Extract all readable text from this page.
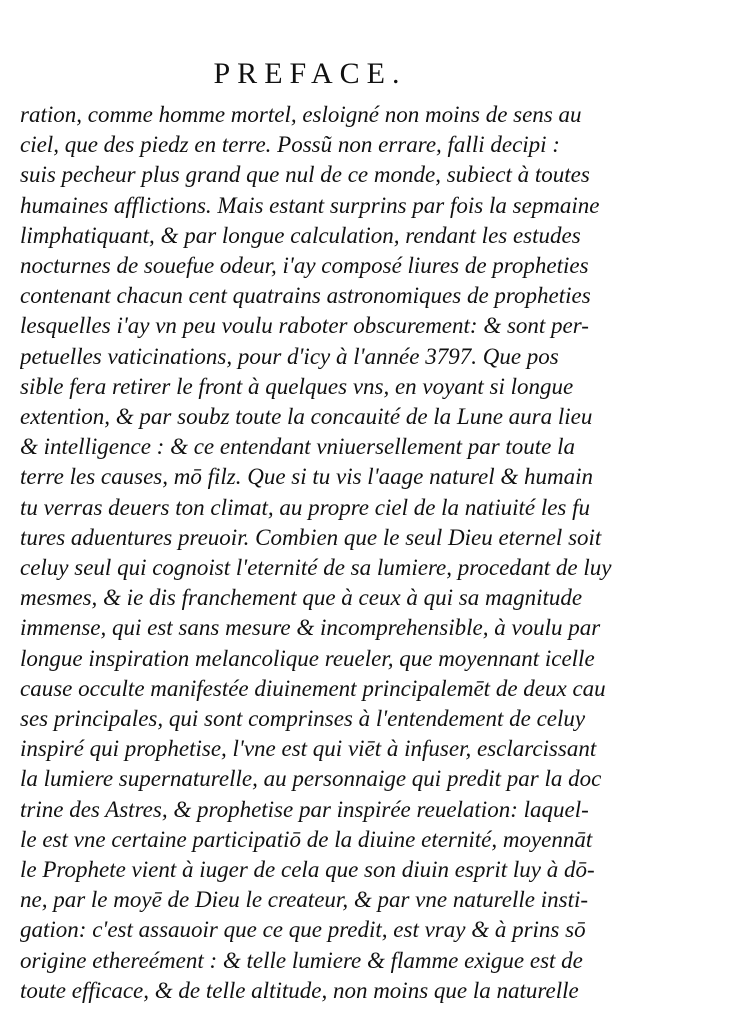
PREFACE.
ration, comme homme mortel, esloigné non moins de sens au
ciel, que des piedz en terre. Possũ non errare, falli decipi :
suis pecheur plus grand que nul de ce monde, subiect à toutes
humaines afflictions. Mais estant surprins par fois la sepmaine
limphatiquant, & par longue calculation, rendant les estudes
nocturnes de souefue odeur, i'ay composé liures de propheties
contenant chacun cent quatrains astronomiques de propheties
lesquelles i'ay vn peu voulu raboter obscurement: & sont per-
petuelles vaticinations, pour d'icy à l'année 3797. Que pos
sible fera retirer le front à quelques vns, en voyant si longue
extention, & par soubz toute la concauité de la Lune aura lieu
& intelligence : & ce entendant vniuersellement par toute la
terre les causes, mō filz. Que si tu vis l'aage naturel & humain
tu verras deuers ton climat, au propre ciel de la natiuité les fu
tures aduentures preuoir. Combien que le seul Dieu eternel soit
celuy seul qui cognoist l'eternité de sa lumiere, procedant de luy
mesmes, & ie dis franchement que à ceux à qui sa magnitude
immense, qui est sans mesure & incomprehensible, à voulu par
longue inspiration melancolique reueler, que moyennant icelle
cause occulte manifestée diuinement principalemēt de deux cau
ses principales, qui sont comprinses à l'entendement de celuy
inspiré qui prophetise, l'vne est qui viēt à infuser, esclarcissant
la lumiere supernaturelle, au personnaige qui predit par la doc
trine des Astres, & prophetise par inspirée reuelation: laquel-
le est vne certaine participatiō de la diuine eternité, moyennāt
le Prophete vient à iuger de cela que son diuin esprit luy à dō-
ne, par le moyē de Dieu le createur, & par vne naturelle insti-
gation: c'est assauoir que ce que predit, est vray & à prins sō
origine ethereément : & telle lumiere & flamme exigue est de
toute efficace, & de telle altitude, non moins que la naturelle
